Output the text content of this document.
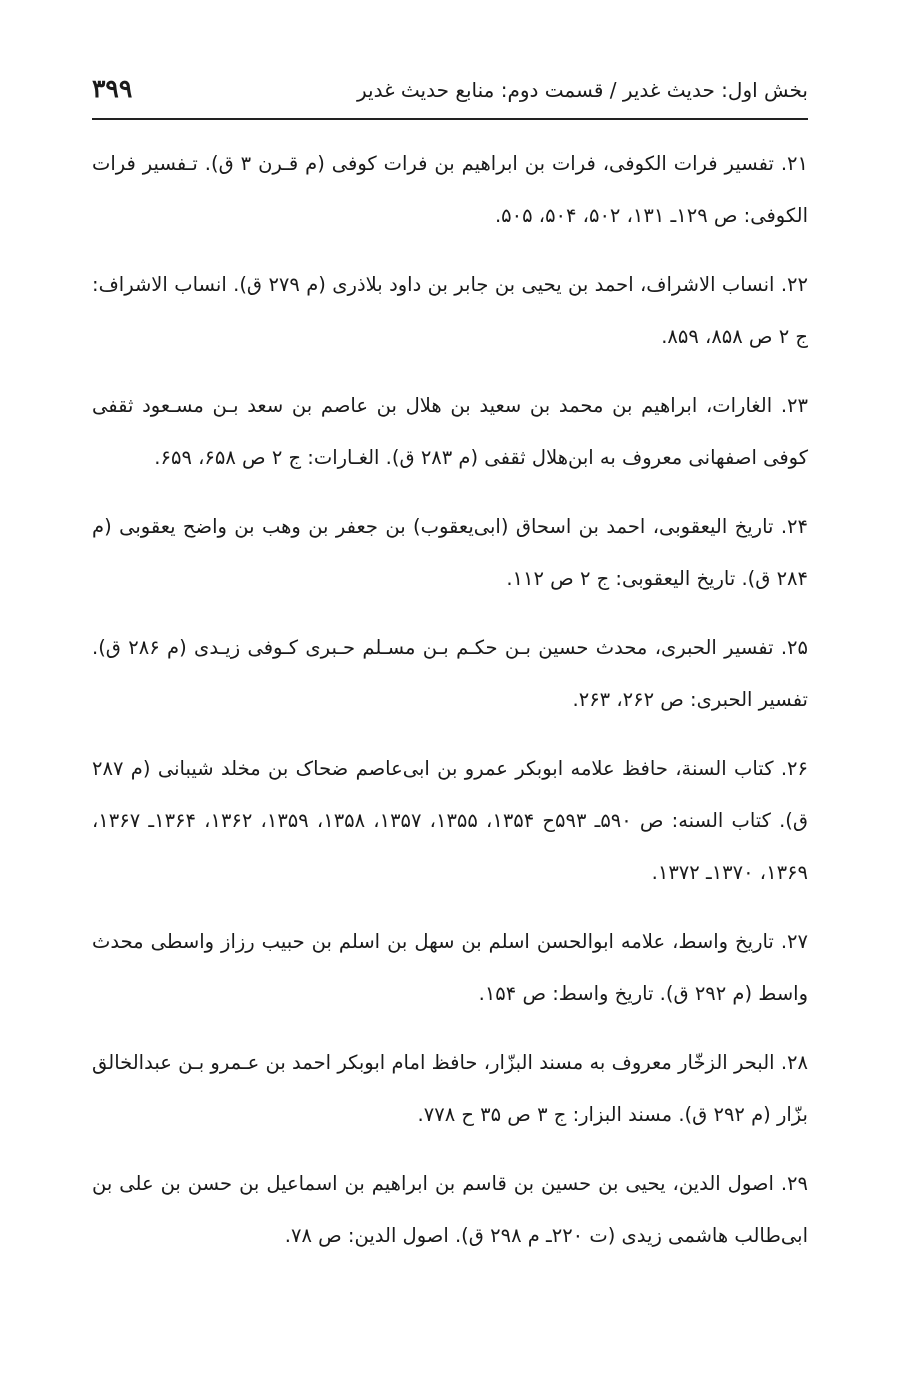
۳۹۹	بخش اول: حدیث غدیر / قسمت دوم: منابع حدیث غدیر

۲۱. تفسیر فرات الکوفی، فرات بن ابراهیم بن فرات کوفی (م قـرن ۳ ق). تـفسیر فرات الکوفی: ص ۱۲۹ـ ۱۳۱، ۵۰۲، ۵۰۴، ۵۰۵.

۲۲. انساب الاشراف، احمد بن یحیی بن جابر بن داود بلاذری (م ۲۷۹ ق). انساب الاشراف: ج ۲ ص ۸۵۸، ۸۵۹.

۲۳. الغارات، ابراهیم بن محمد بن سعید بن هلال بن عاصم بن سعد بـن مسـعود ثقفی کوفی اصفهانی معروف به ابن‌هلال ثقفی (م ۲۸۳ ق). الغـارات: ج ۲ ص ۶۵۸، ۶۵۹.

۲۴. تاریخ الیعقوبی، احمد بن اسحاق (ابی‌یعقوب) بن جعفر بن وهب بن واضح یعقوبی (م ۲۸۴ ق). تاریخ الیعقوبی: ج ۲ ص ۱۱۲.

۲۵. تفسیر الحبری، محدث حسین بـن حکـم بـن مسـلم حـبری کـوفی زیـدی (م ۲۸۶ ق). تفسیر الحبری: ص ۲۶۲، ۲۶۳.

۲۶. کتاب السنة، حافظ علامه ابوبکر عمرو بن ابی‌عاصم ضحاک بن مخلد شیبانی (م ۲۸۷ ق). کتاب السنه: ص ۵۹۰ـ ۵۹۳ح ۱۳۵۴، ۱۳۵۵، ۱۳۵۷، ۱۳۵۸، ۱۳۵۹، ۱۳۶۲، ۱۳۶۴ـ ۱۳۶۷، ۱۳۶۹، ۱۳۷۰ـ ۱۳۷۲.

۲۷. تاریخ واسط، علامه ابوالحسن اسلم بن سهل بن اسلم بن حبیب رزاز واسطی محدث واسط (م ۲۹۲ ق). تاریخ واسط: ص ۱۵۴.

۲۸. البحر الزخّار معروف به مسند البزّار، حافظ امام ابوبکر احمد بن عـمرو بـن عبدالخالق بزّار (م ۲۹۲ ق). مسند البزار: ج ۳ ص ۳۵ ح ۷۷۸.

۲۹. اصول الدین، یحیی بن حسین بن قاسم بن ابراهیم بن اسماعیل بن حسن بن علی بن ابی‌طالب هاشمی زیدی (ت ۲۲۰ـ م ۲۹۸ ق). اصول الدین: ص ۷۸.
